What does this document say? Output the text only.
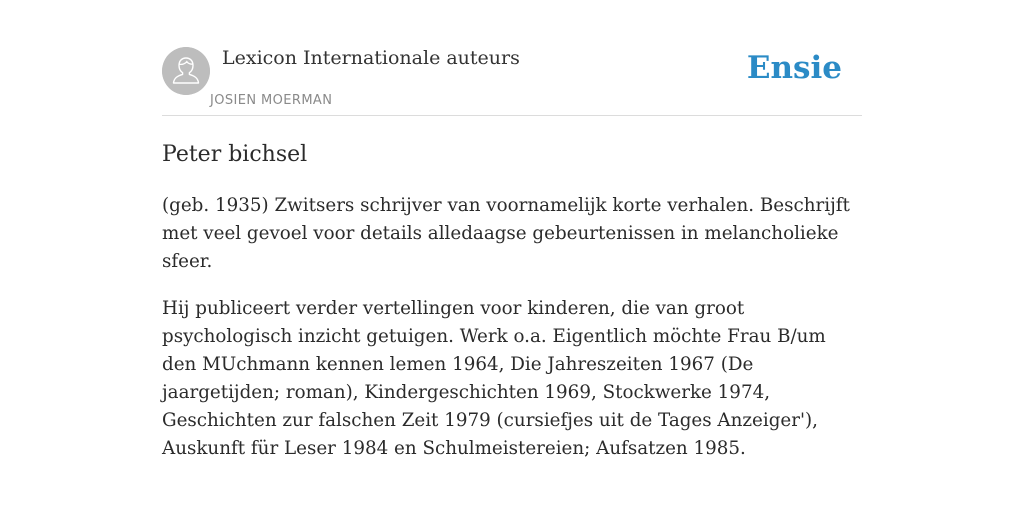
Lexicon Internationale auteurs
JOSIEN MOERMAN
Ensie
Peter bichsel

(geb. 1935) Zwitsers schrijver van voornamelijk korte verhalen. Beschrijft met veel gevoel voor details alledaagse gebeurtenissen in melancholieke sfeer.

Hij publiceert verder vertellingen voor kinderen, die van groot psychologisch inzicht getuigen. Werk o.a. Eigentlich möchte Frau B/um den MUchmann kennen lemen 1964, Die Jahreszeiten 1967 (De jaargetijden; roman), Kindergeschichten 1969, Stockwerke 1974, Geschichten zur falschen Zeit 1979 (cursiefjes uit de Tages Anzeiger'), Auskunft für Leser 1984 en Schulmeistereien; Aufsatzen 1985.
